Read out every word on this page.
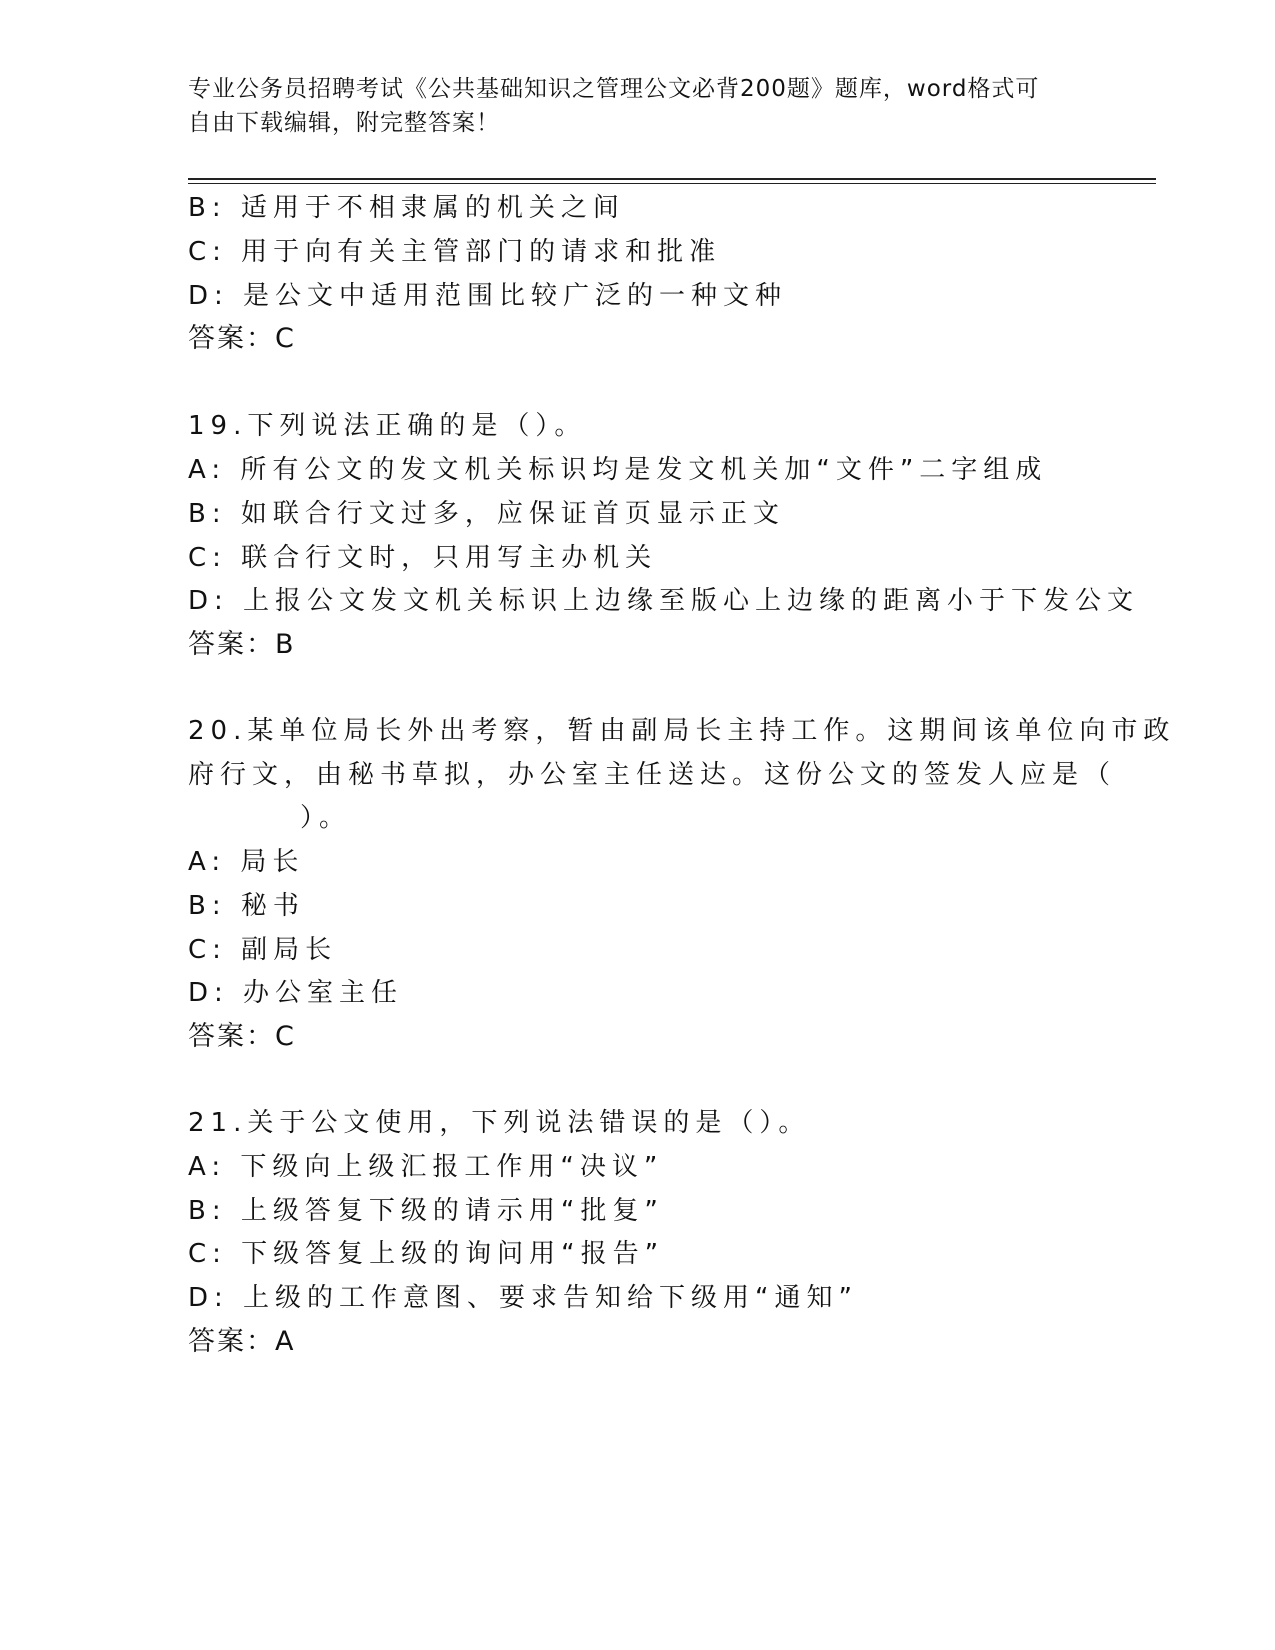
专业公务员招聘考试《公共基础知识之管理公文必背200题》题库，word格式可
自由下载编辑，附完整答案！
B: 适用于不相隶属的机关之间
C: 用于向有关主管部门的请求和批准
D: 是公文中适用范围比较广泛的一种文种
答案：C
19.下列说法正确的是（）。
A: 所有公文的发文机关标识均是发文机关加“文件”二字组成
B: 如联合行文过多，应保证首页显示正文
C: 联合行文时，只用写主办机关
D: 上报公文发文机关标识上边缘至版心上边缘的距离小于下发公文
答案：B
20.某单位局长外出考察，暂由副局长主持工作。这期间该单位向市政
府行文，由秘书草拟，办公室主任送达。这份公文的签发人应是（
）。
A: 局长
B: 秘书
C: 副局长
D: 办公室主任
答案：C
21.关于公文使用，下列说法错误的是（）。
A: 下级向上级汇报工作用“决议”
B: 上级答复下级的请示用“批复”
C: 下级答复上级的询问用“报告”
D: 上级的工作意图、要求告知给下级用“通知”
答案：A
